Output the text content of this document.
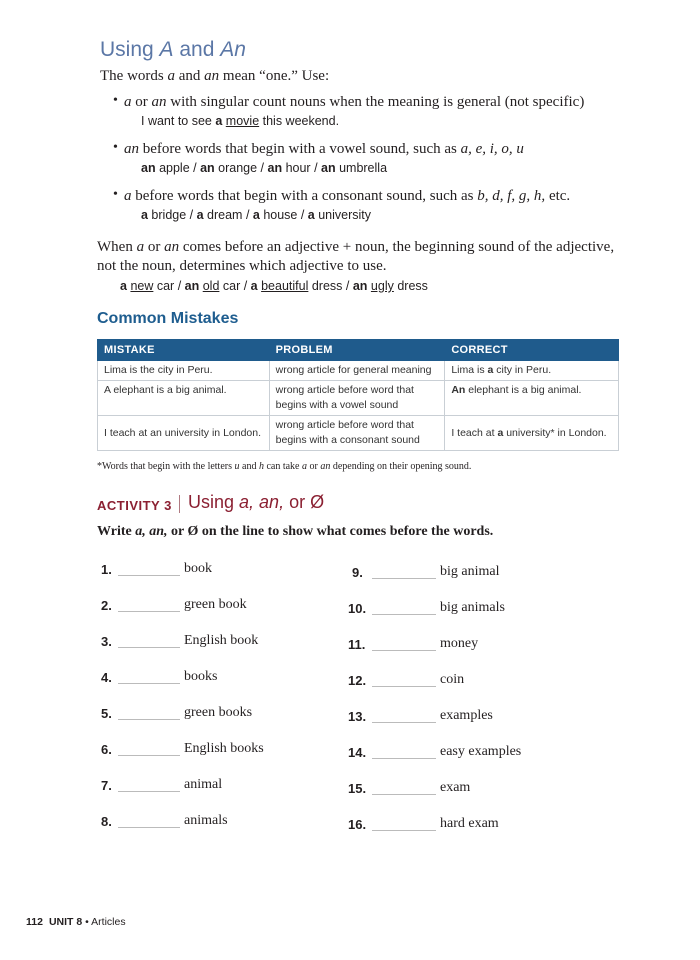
Using A and An
The words a and an mean “one.” Use:
• a or an with singular count nouns when the meaning is general (not specific)
I want to see a movie this weekend.
• an before words that begin with a vowel sound, such as a, e, i, o, u
an apple / an orange / an hour / an umbrella
• a before words that begin with a consonant sound, such as b, d, f, g, h, etc.
a bridge / a dream / a house / a university
When a or an comes before an adjective + noun, the beginning sound of the adjective, not the noun, determines which adjective to use.
a new car / an old car / a beautiful dress / an ugly dress
Common Mistakes
MISTAKE	PROBLEM	CORRECT
Lima is the city in Peru.	wrong article for general meaning	Lima is a city in Peru.
A elephant is a big animal.	wrong article before word that begins with a vowel sound	An elephant is a big animal.
I teach at an university in London.	wrong article before word that begins with a consonant sound	I teach at a university* in London.
*Words that begin with the letters u and h can take a or an depending on their opening sound.
ACTIVITY 3 Using a, an, or Ø
Write a, an, or Ø on the line to show what comes before the words.
1.	book
2.	green book
3.	English book
4.	books
5.	green books
6.	English books
7.	animal
8.	animals
9.	big animal
10.	big animals
11.	money
12.	coin
13.	examples
14.	easy examples
15.	exam
16.	hard exam
112 UNIT 8 • Articles
